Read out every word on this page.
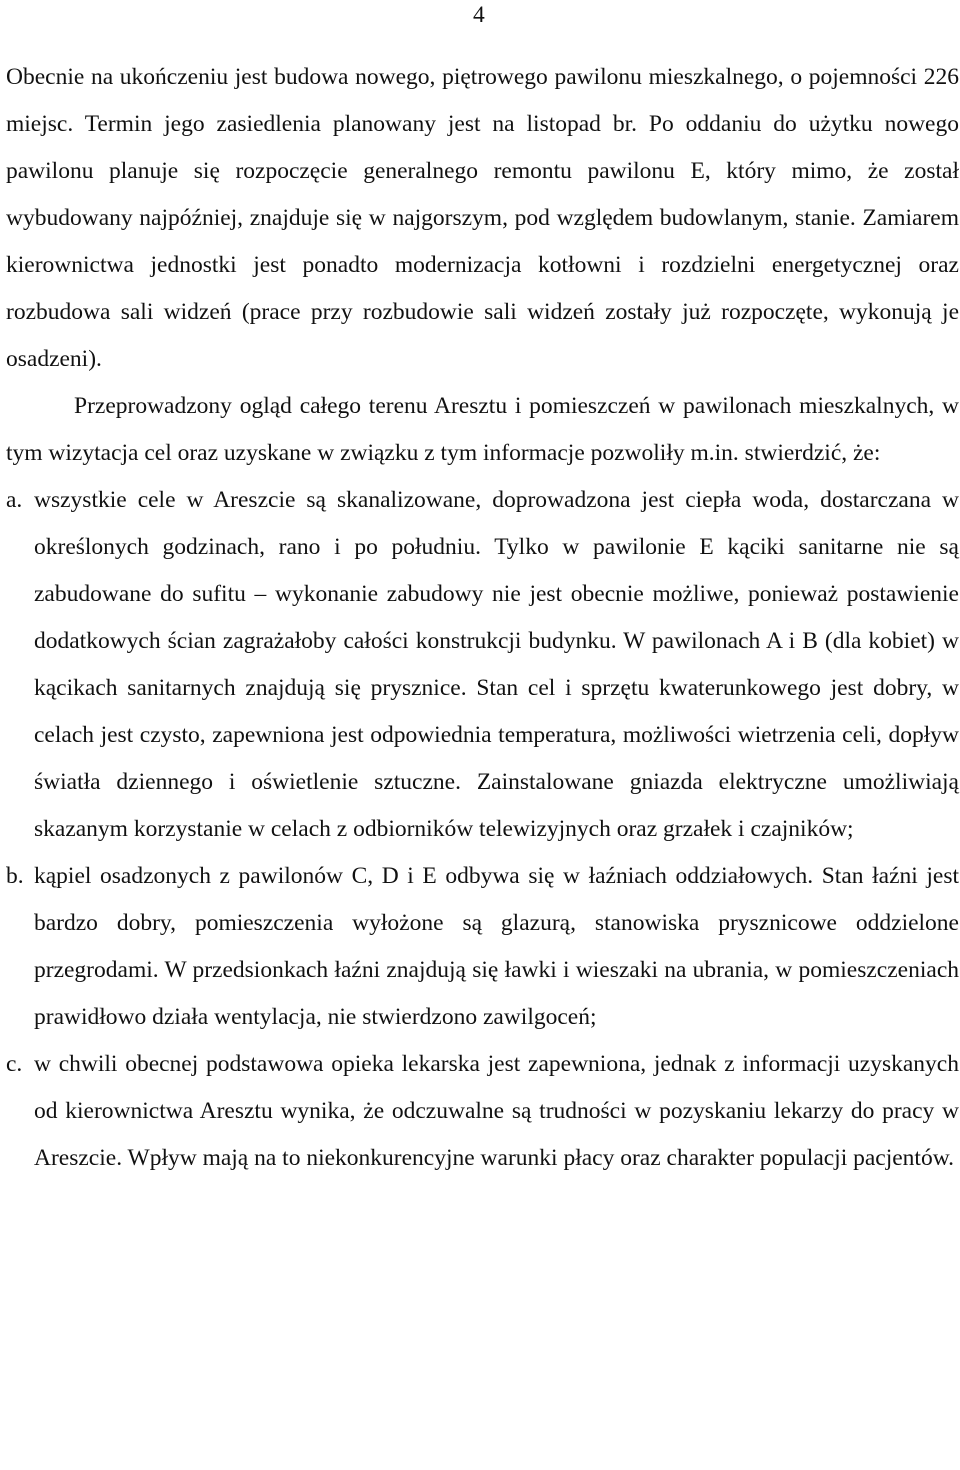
4

Obecnie na ukończeniu jest budowa nowego, piętrowego pawilonu mieszkalnego, o pojemności 226 miejsc. Termin jego zasiedlenia planowany jest na listopad br. Po oddaniu do użytku nowego pawilonu planuje się rozpoczęcie generalnego remontu pawilonu E, który mimo, że został wybudowany najpóźniej, znajduje się w najgorszym, pod względem budowlanym, stanie. Zamiarem kierownictwa jednostki jest ponadto modernizacja kotłowni i rozdzielni energetycznej oraz rozbudowa sali widzeń (prace przy rozbudowie sali widzeń zostały już rozpoczęte, wykonują je osadzeni).

Przeprowadzony ogląd całego terenu Aresztu i pomieszczeń w pawilonach mieszkalnych, w tym wizytacja cel oraz uzyskane w związku z tym informacje pozwoliły m.in. stwierdzić, że:

a. wszystkie cele w Areszcie są skanalizowane, doprowadzona jest ciepła woda, dostarczana w określonych godzinach, rano i po południu. Tylko w pawilonie E kąciki sanitarne nie są zabudowane do sufitu – wykonanie zabudowy nie jest obecnie możliwe, ponieważ postawienie dodatkowych ścian zagrażałoby całości konstrukcji budynku. W pawilonach A i B (dla kobiet) w kącikach sanitarnych znajdują się prysznice. Stan cel i sprzętu kwaterunkowego jest dobry, w celach jest czysto, zapewniona jest odpowiednia temperatura, możliwości wietrzenia celi, dopływ światła dziennego i oświetlenie sztuczne. Zainstalowane gniazda elektryczne umożliwiają skazanym korzystanie w celach z odbiorników telewizyjnych oraz grzałek i czajników;
b. kąpiel osadzonych z pawilonów C, D i E odbywa się w łaźniach oddziałowych. Stan łaźni jest bardzo dobry, pomieszczenia wyłożone są glazurą, stanowiska prysznicowe oddzielone przegrodami. W przedsionkach łaźni znajdują się ławki i wieszaki na ubrania, w pomieszczeniach prawidłowo działa wentylacja, nie stwierdzono zawilgoceń;
c. w chwili obecnej podstawowa opieka lekarska jest zapewniona, jednak z informacji uzyskanych od kierownictwa Aresztu wynika, że odczuwalne są trudności w pozyskaniu lekarzy do pracy w Areszcie. Wpływ mają na to niekonkurencyjne warunki płacy oraz charakter populacji pacjentów.
